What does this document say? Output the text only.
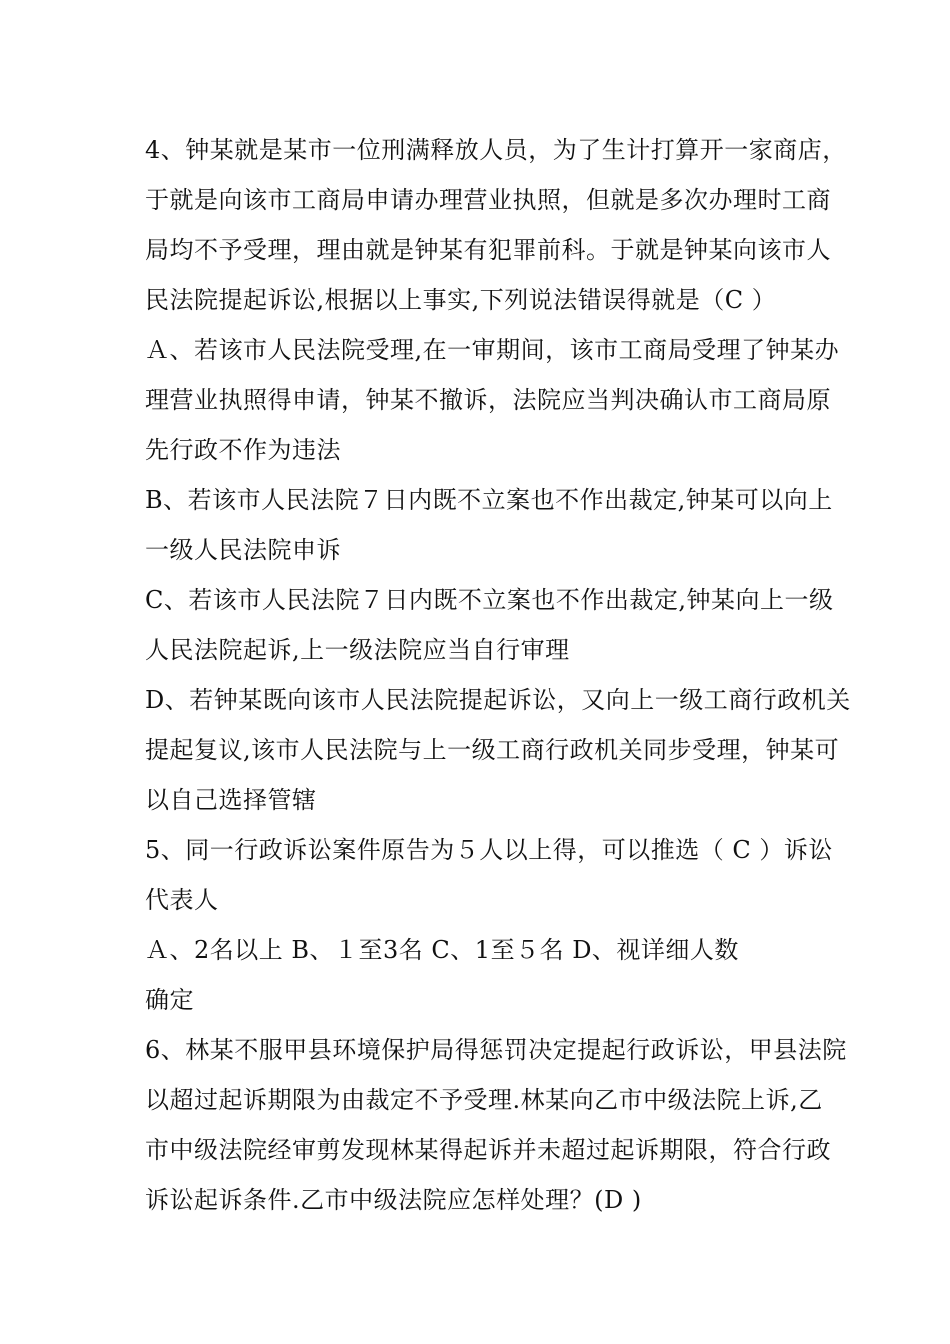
4、钟某就是某市一位刑满释放人员，为了生计打算开一家商店，
于就是向该市工商局申请办理营业执照，但就是多次办理时工商
局均不予受理，理由就是钟某有犯罪前科。于就是钟某向该市人
民法院提起诉讼,根据以上事实,下列说法错误得就是（C ）
Ａ、若该市人民法院受理,在一审期间，该市工商局受理了钟某办
理营业执照得申请，钟某不撤诉，法院应当判决确认市工商局原
先行政不作为违法
B、若该市人民法院７日内既不立案也不作出裁定,钟某可以向上
一级人民法院申诉
C、若该市人民法院７日内既不立案也不作出裁定,钟某向上一级
人民法院起诉,上一级法院应当自行审理
D、若钟某既向该市人民法院提起诉讼，又向上一级工商行政机关
提起复议,该市人民法院与上一级工商行政机关同步受理，钟某可
以自己选择管辖
5、同一行政诉讼案件原告为５人以上得，可以推选（ C ）诉讼
代表人
Ａ、2名以上 B、１至3名 C、1至５名 D、视详细人数
确定
6、林某不服甲县环境保护局得惩罚决定提起行政诉讼，甲县法院
以超过起诉期限为由裁定不予受理.林某向乙市中级法院上诉,乙
市中级法院经审剪发现林某得起诉并未超过起诉期限，符合行政
诉讼起诉条件.乙市中级法院应怎样处理？(D )
